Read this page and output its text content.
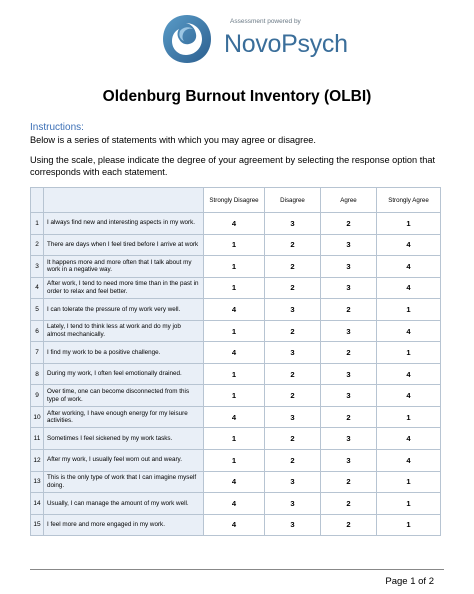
Assessment powered by
NovoPsych
Oldenburg Burnout Inventory (OLBI)
Instructions:
Below is a series of statements with which you may agree or disagree.
Using the scale, please indicate the degree of your agreement by selecting the response option that corresponds with each statement.
		Strongly Disagree	Disagree	Agree	Strongly Agree
1	I always find new and interesting aspects in my work.	4	3	2	1
2	There are days when I feel tired before I arrive at work	1	2	3	4
3	It happens more and more often that I talk about my work in a negative way.	1	2	3	4
4	After work, I tend to need more time than in the past in order to relax and feel better.	1	2	3	4
5	I can tolerate the pressure of my work very well.	4	3	2	1
6	Lately, I tend to think less at work and do my job almost mechanically.	1	2	3	4
7	I find my work to be a positive challenge.	4	3	2	1
8	During my work, I often feel emotionally drained.	1	2	3	4
9	Over time, one can become disconnected from this type of work.	1	2	3	4
10	After working, I have enough energy for my leisure activities.	4	3	2	1
11	Sometimes I feel sickened by my work tasks.	1	2	3	4
12	After my work, I usually feel worn out and weary.	1	2	3	4
13	This is the only type of work that I can imagine myself doing.	4	3	2	1
14	Usually, I can manage the amount of my work well.	4	3	2	1
15	I feel more and more engaged in my work.	4	3	2	1
Page 1 of 2
